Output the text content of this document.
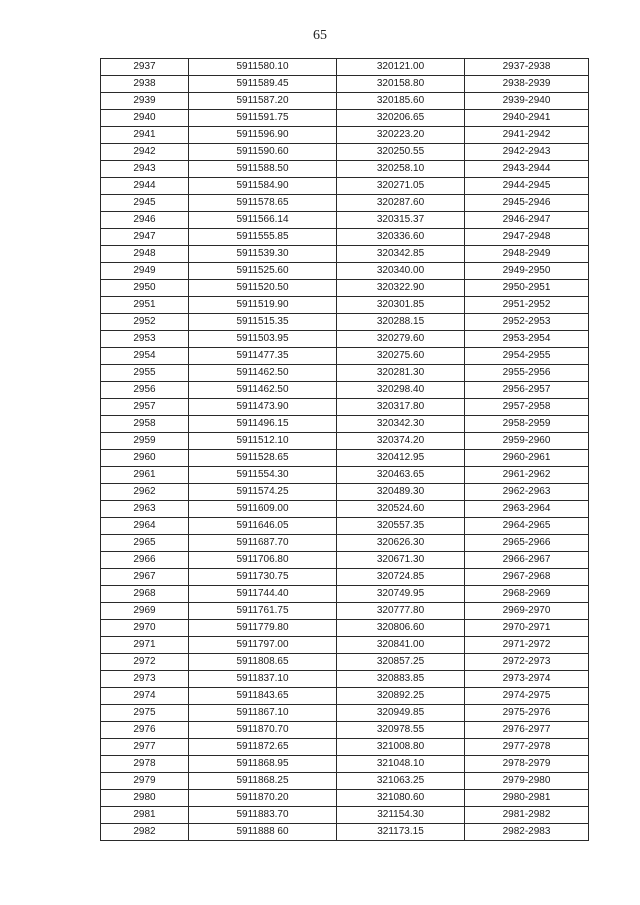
65
2937	5911580.10	320121.00	2937-2938
2938	5911589.45	320158.80	2938-2939
2939	5911587.20	320185.60	2939-2940
2940	5911591.75	320206.65	2940-2941
2941	5911596.90	320223.20	2941-2942
2942	5911590.60	320250.55	2942-2943
2943	5911588.50	320258.10	2943-2944
2944	5911584.90	320271.05	2944-2945
2945	5911578.65	320287.60	2945-2946
2946	5911566.14	320315.37	2946-2947
2947	5911555.85	320336.60	2947-2948
2948	5911539.30	320342.85	2948-2949
2949	5911525.60	320340.00	2949-2950
2950	5911520.50	320322.90	2950-2951
2951	5911519.90	320301.85	2951-2952
2952	5911515.35	320288.15	2952-2953
2953	5911503.95	320279.60	2953-2954
2954	5911477.35	320275.60	2954-2955
2955	5911462.50	320281.30	2955-2956
2956	5911462.50	320298.40	2956-2957
2957	5911473.90	320317.80	2957-2958
2958	5911496.15	320342.30	2958-2959
2959	5911512.10	320374.20	2959-2960
2960	5911528.65	320412.95	2960-2961
2961	5911554.30	320463.65	2961-2962
2962	5911574.25	320489.30	2962-2963
2963	5911609.00	320524.60	2963-2964
2964	5911646.05	320557.35	2964-2965
2965	5911687.70	320626.30	2965-2966
2966	5911706.80	320671.30	2966-2967
2967	5911730.75	320724.85	2967-2968
2968	5911744.40	320749.95	2968-2969
2969	5911761.75	320777.80	2969-2970
2970	5911779.80	320806.60	2970-2971
2971	5911797.00	320841.00	2971-2972
2972	5911808.65	320857.25	2972-2973
2973	5911837.10	320883.85	2973-2974
2974	5911843.65	320892.25	2974-2975
2975	5911867.10	320949.85	2975-2976
2976	5911870.70	320978.55	2976-2977
2977	5911872.65	321008.80	2977-2978
2978	5911868.95	321048.10	2978-2979
2979	5911868.25	321063.25	2979-2980
2980	5911870.20	321080.60	2980-2981
2981	5911883.70	321154.30	2981-2982
2982	5911888 60	321173.15	2982-2983
